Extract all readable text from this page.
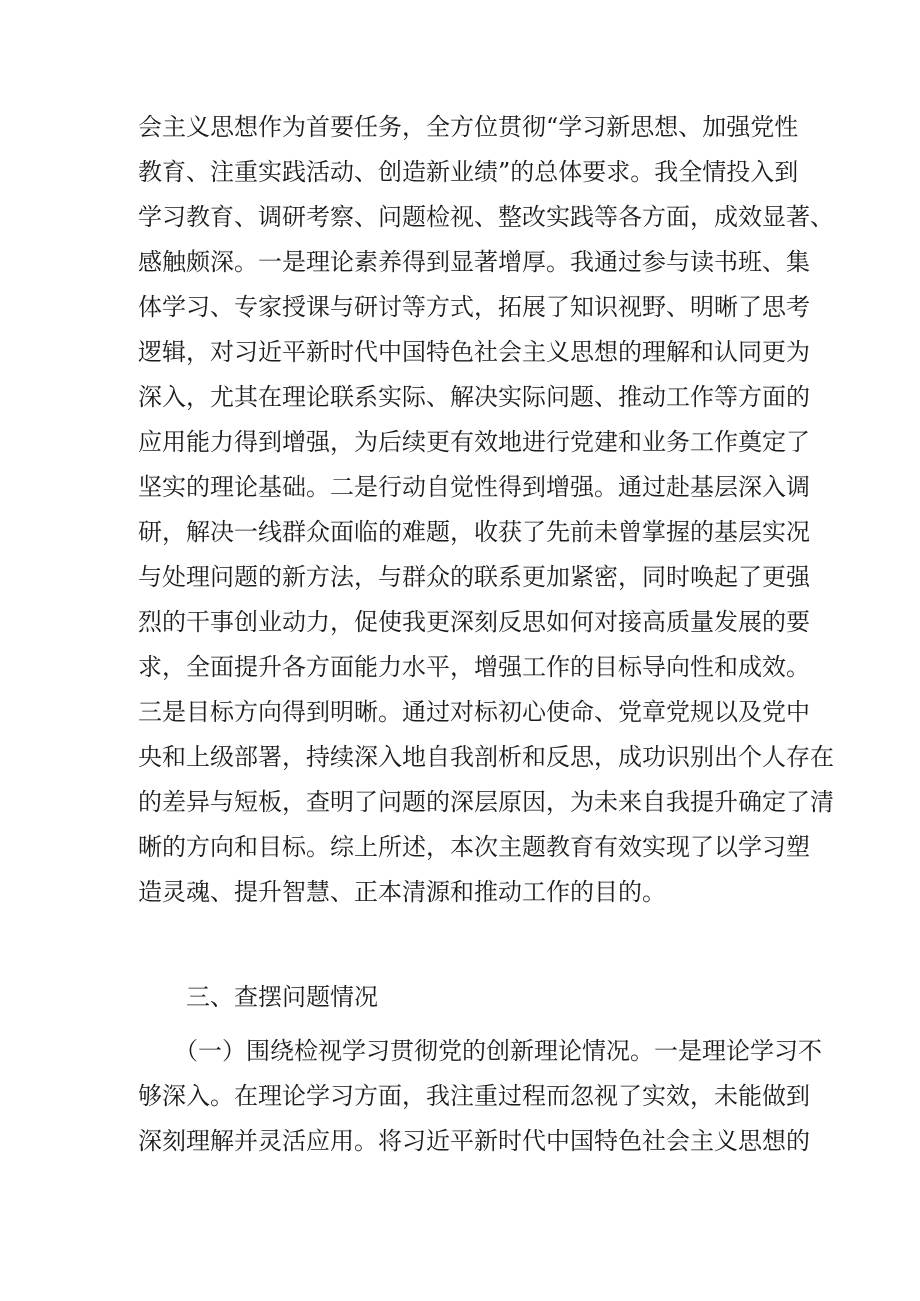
会主义思想作为首要任务，全方位贯彻“学习新思想、加强党性
教育、注重实践活动、创造新业绩”的总体要求。我全情投入到
学习教育、调研考察、问题检视、整改实践等各方面，成效显著、
感触颇深。一是理论素养得到显著增厚。我通过参与读书班、集
体学习、专家授课与研讨等方式，拓展了知识视野、明晰了思考
逻辑，对习近平新时代中国特色社会主义思想的理解和认同更为
深入，尤其在理论联系实际、解决实际问题、推动工作等方面的
应用能力得到增强，为后续更有效地进行党建和业务工作奠定了
坚实的理论基础。二是行动自觉性得到增强。通过赴基层深入调
研，解决一线群众面临的难题，收获了先前未曾掌握的基层实况
与处理问题的新方法，与群众的联系更加紧密，同时唤起了更强
烈的干事创业动力，促使我更深刻反思如何对接高质量发展的要
求，全面提升各方面能力水平，增强工作的目标导向性和成效。
三是目标方向得到明晰。通过对标初心使命、党章党规以及党中
央和上级部署，持续深入地自我剖析和反思，成功识别出个人存在
的差异与短板，查明了问题的深层原因，为未来自我提升确定了清
晰的方向和目标。综上所述，本次主题教育有效实现了以学习塑
造灵魂、提升智慧、正本清源和推动工作的目的。
三、查摆问题情况
（一）围绕检视学习贯彻党的创新理论情况。一是理论学习不
够深入。在理论学习方面，我注重过程而忽视了实效，未能做到
深刻理解并灵活应用。将习近平新时代中国特色社会主义思想的
